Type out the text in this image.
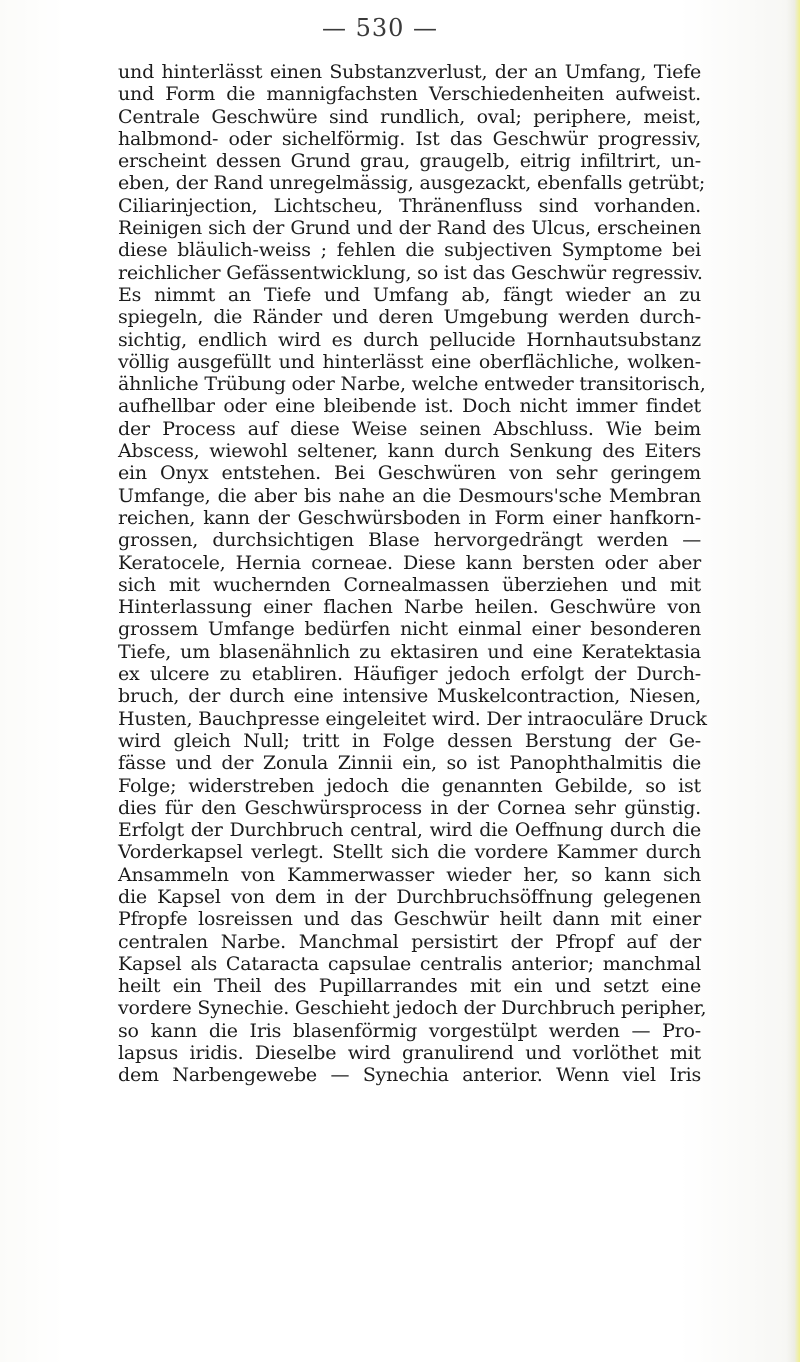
— 530 —
und hinterlässt einen Substanzverlust, der an Umfang, Tiefe
und Form die mannigfachsten Verschiedenheiten aufweist.
Centrale Geschwüre sind rundlich, oval; periphere, meist,
halbmond- oder sichelförmig. Ist das Geschwür progressiv,
erscheint dessen Grund grau, graugelb, eitrig infiltrirt, un-
eben, der Rand unregelmässig, ausgezackt, ebenfalls getrübt;
Ciliarinjection, Lichtscheu, Thränenfluss sind vorhanden.
Reinigen sich der Grund und der Rand des Ulcus, erscheinen
diese bläulich-weiss ; fehlen die subjectiven Symptome bei
reichlicher Gefässentwicklung, so ist das Geschwür regressiv.
Es nimmt an Tiefe und Umfang ab, fängt wieder an zu
spiegeln, die Ränder und deren Umgebung werden durch-
sichtig, endlich wird es durch pellucide Hornhautsubstanz
völlig ausgefüllt und hinterlässt eine oberflächliche, wolken-
ähnliche Trübung oder Narbe, welche entweder transitorisch,
aufhellbar oder eine bleibende ist. Doch nicht immer findet
der Process auf diese Weise seinen Abschluss. Wie beim
Abscess, wiewohl seltener, kann durch Senkung des Eiters
ein Onyx entstehen. Bei Geschwüren von sehr geringem
Umfange, die aber bis nahe an die Desmours'sche Membran
reichen, kann der Geschwürsboden in Form einer hanfkorn-
grossen, durchsichtigen Blase hervorgedrängt werden —
Keratocele, Hernia corneae. Diese kann bersten oder aber
sich mit wuchernden Cornealmassen überziehen und mit
Hinterlassung einer flachen Narbe heilen. Geschwüre von
grossem Umfange bedürfen nicht einmal einer besonderen
Tiefe, um blasenähnlich zu ektasiren und eine Keratektasia
ex ulcere zu etabliren. Häufiger jedoch erfolgt der Durch-
bruch, der durch eine intensive Muskelcontraction, Niesen,
Husten, Bauchpresse eingeleitet wird. Der intraoculäre Druck
wird gleich Null; tritt in Folge dessen Berstung der Ge-
fässe und der Zonula Zinnii ein, so ist Panophthalmitis die
Folge; widerstreben jedoch die genannten Gebilde, so ist
dies für den Geschwürsprocess in der Cornea sehr günstig.
Erfolgt der Durchbruch central, wird die Oeffnung durch die
Vorderkapsel verlegt. Stellt sich die vordere Kammer durch
Ansammeln von Kammerwasser wieder her, so kann sich
die Kapsel von dem in der Durchbruchsöffnung gelegenen
Pfropfe losreissen und das Geschwür heilt dann mit einer
centralen Narbe. Manchmal persistirt der Pfropf auf der
Kapsel als Cataracta capsulae centralis anterior; manchmal
heilt ein Theil des Pupillarrandes mit ein und setzt eine
vordere Synechie. Geschieht jedoch der Durchbruch peripher,
so kann die Iris blasenförmig vorgestülpt werden — Pro-
lapsus iridis. Dieselbe wird granulirend und vorlöthet mit
dem Narbengewebe — Synechia anterior. Wenn viel Iris
